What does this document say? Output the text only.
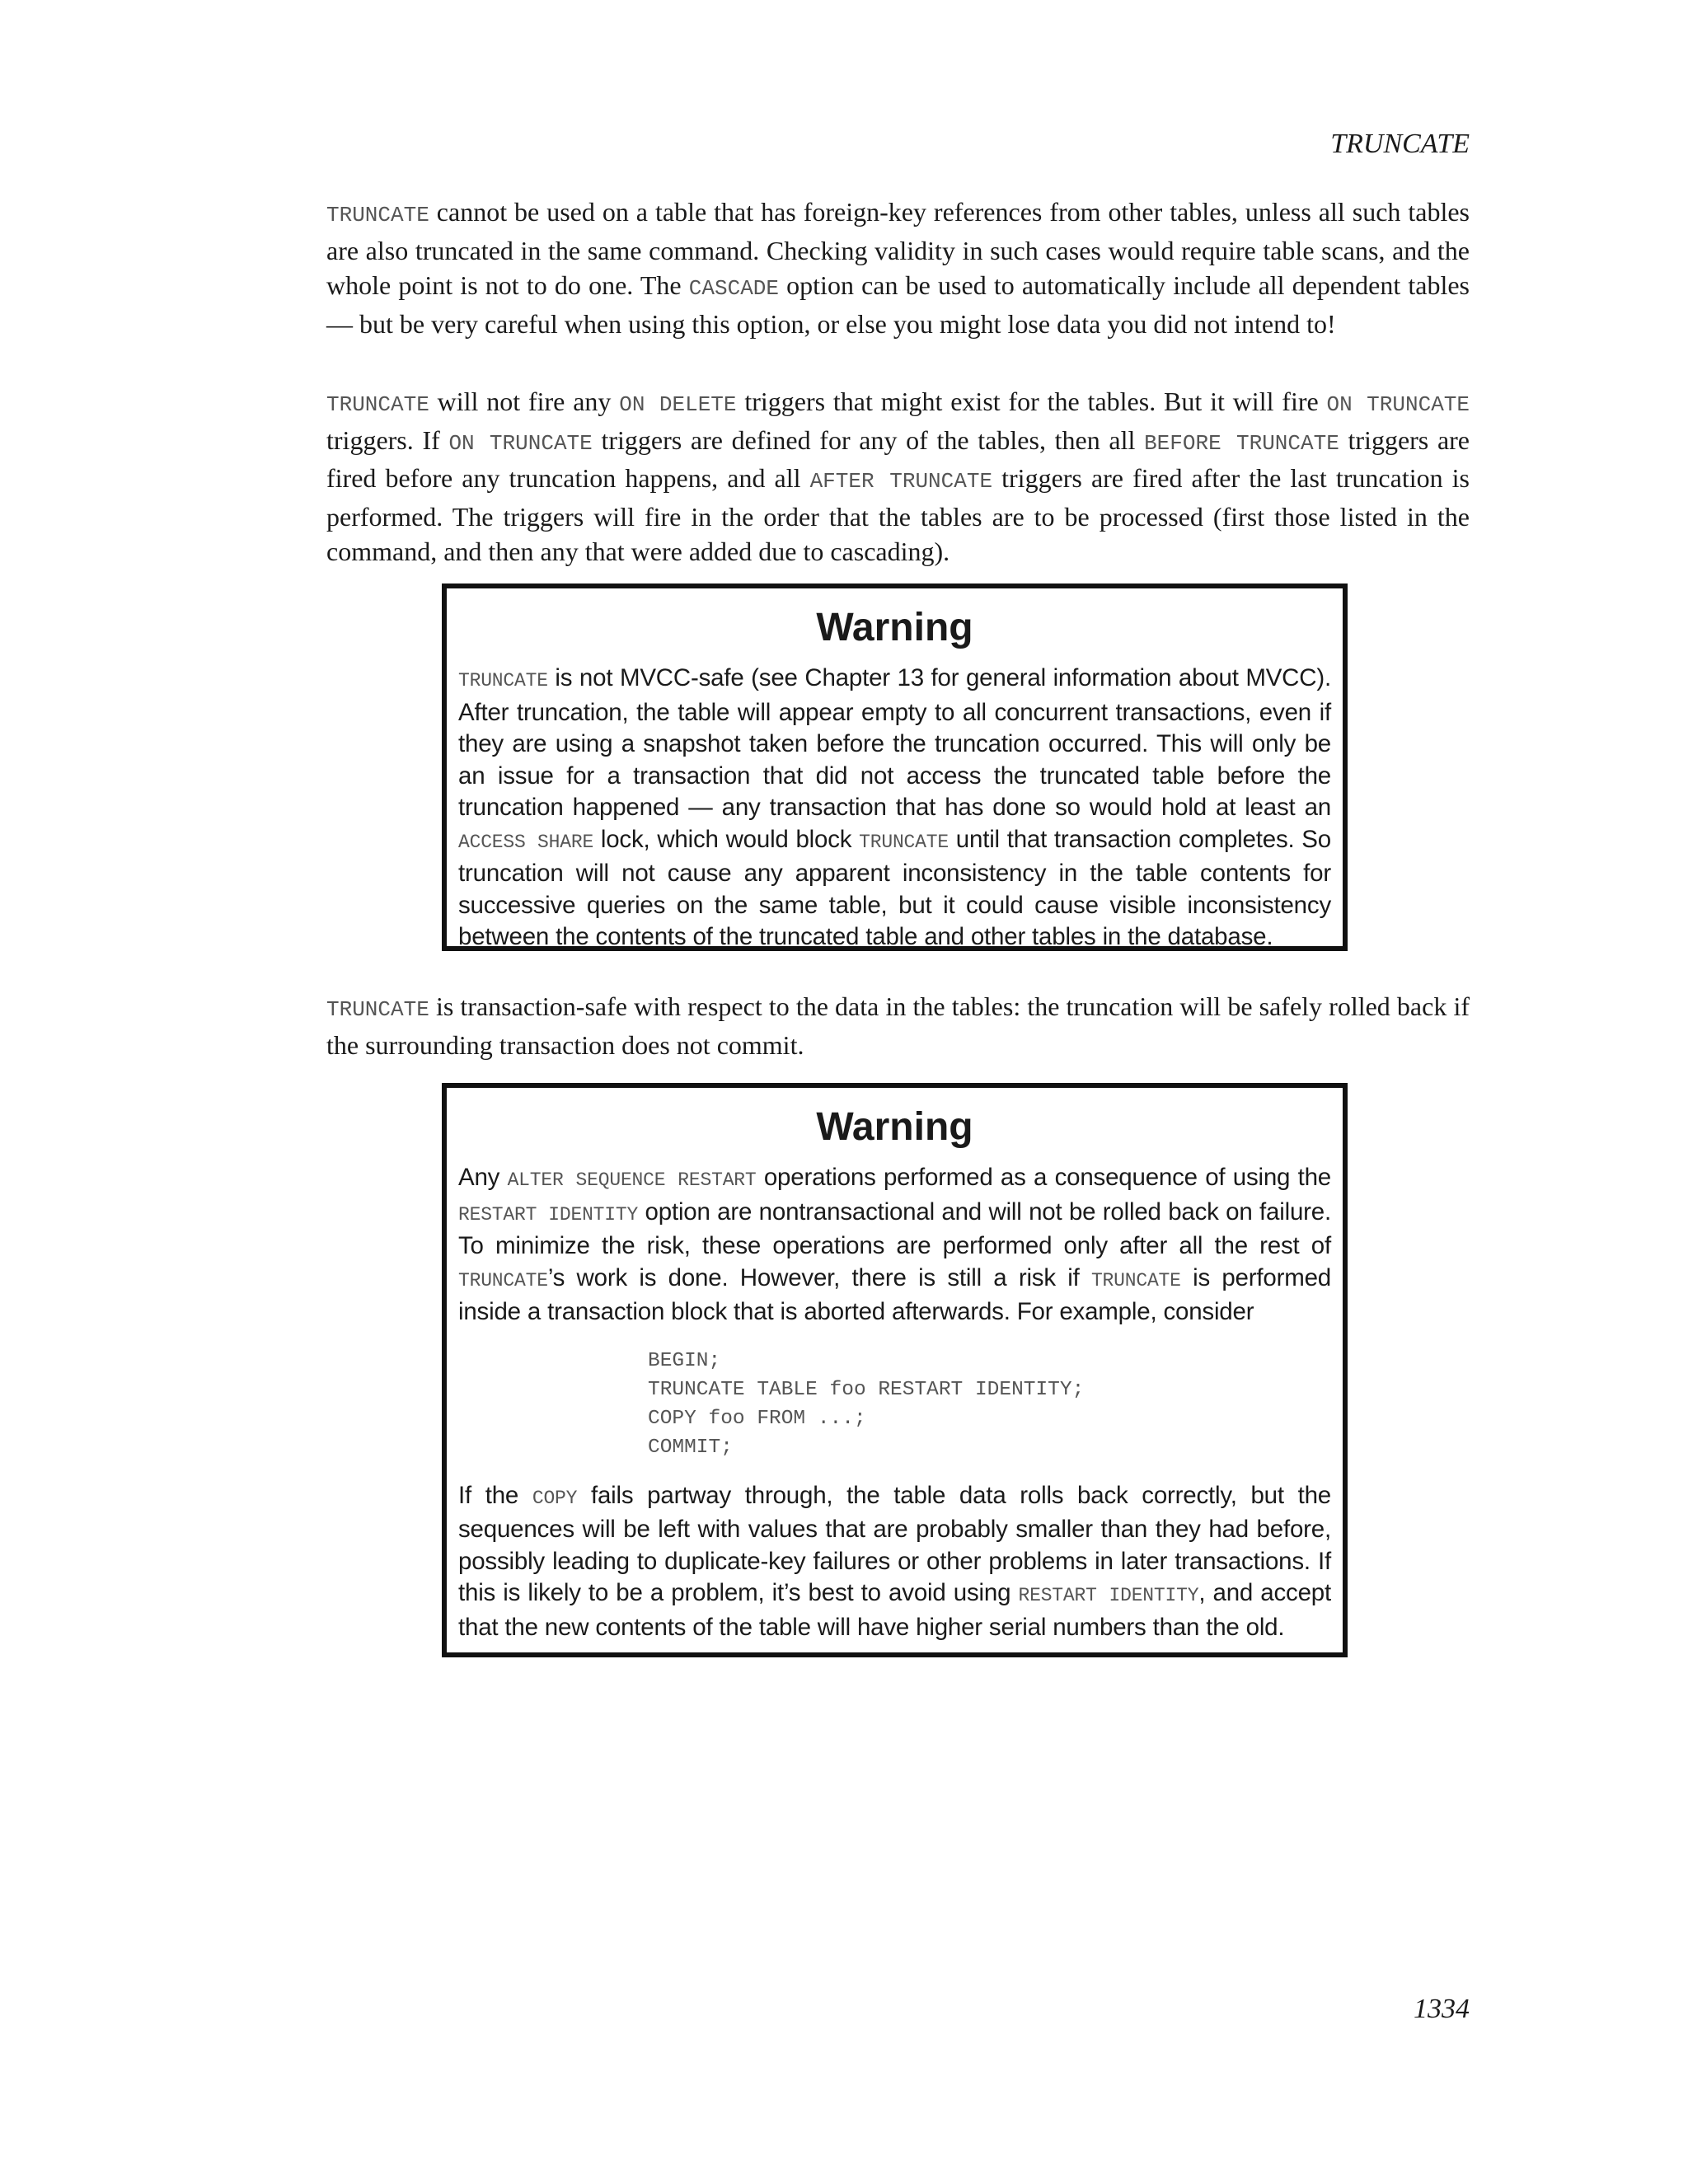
TRUNCATE

TRUNCATE cannot be used on a table that has foreign-key references from other tables, unless all such tables are also truncated in the same command. Checking validity in such cases would require table scans, and the whole point is not to do one. The CASCADE option can be used to automatically include all dependent tables — but be very careful when using this option, or else you might lose data you did not intend to!

TRUNCATE will not fire any ON DELETE triggers that might exist for the tables. But it will fire ON TRUNCATE triggers. If ON TRUNCATE triggers are defined for any of the tables, then all BEFORE TRUNCATE triggers are fired before any truncation happens, and all AFTER TRUNCATE triggers are fired after the last truncation is performed. The triggers will fire in the order that the tables are to be processed (first those listed in the command, and then any that were added due to cascading).

Warning

TRUNCATE is not MVCC-safe (see Chapter 13 for general information about MVCC). After truncation, the table will appear empty to all concurrent transactions, even if they are using a snapshot taken before the truncation occurred. This will only be an issue for a transaction that did not access the truncated table before the truncation happened — any transaction that has done so would hold at least an ACCESS SHARE lock, which would block TRUNCATE until that transaction completes. So truncation will not cause any apparent inconsistency in the table contents for successive queries on the same table, but it could cause visible inconsistency between the contents of the truncated table and other tables in the database.

TRUNCATE is transaction-safe with respect to the data in the tables: the truncation will be safely rolled back if the surrounding transaction does not commit.

Warning

Any ALTER SEQUENCE RESTART operations performed as a consequence of using the RESTART IDENTITY option are nontransactional and will not be rolled back on failure. To minimize the risk, these operations are performed only after all the rest of TRUNCATE’s work is done. However, there is still a risk if TRUNCATE is performed inside a transaction block that is aborted afterwards. For example, consider

BEGIN;
TRUNCATE TABLE foo RESTART IDENTITY;
COPY foo FROM ...;
COMMIT;

If the COPY fails partway through, the table data rolls back correctly, but the sequences will be left with values that are probably smaller than they had before, possibly leading to duplicate-key failures or other problems in later transactions. If this is likely to be a problem, it’s best to avoid using RESTART IDENTITY, and accept that the new contents of the table will have higher serial numbers than the old.

1334
